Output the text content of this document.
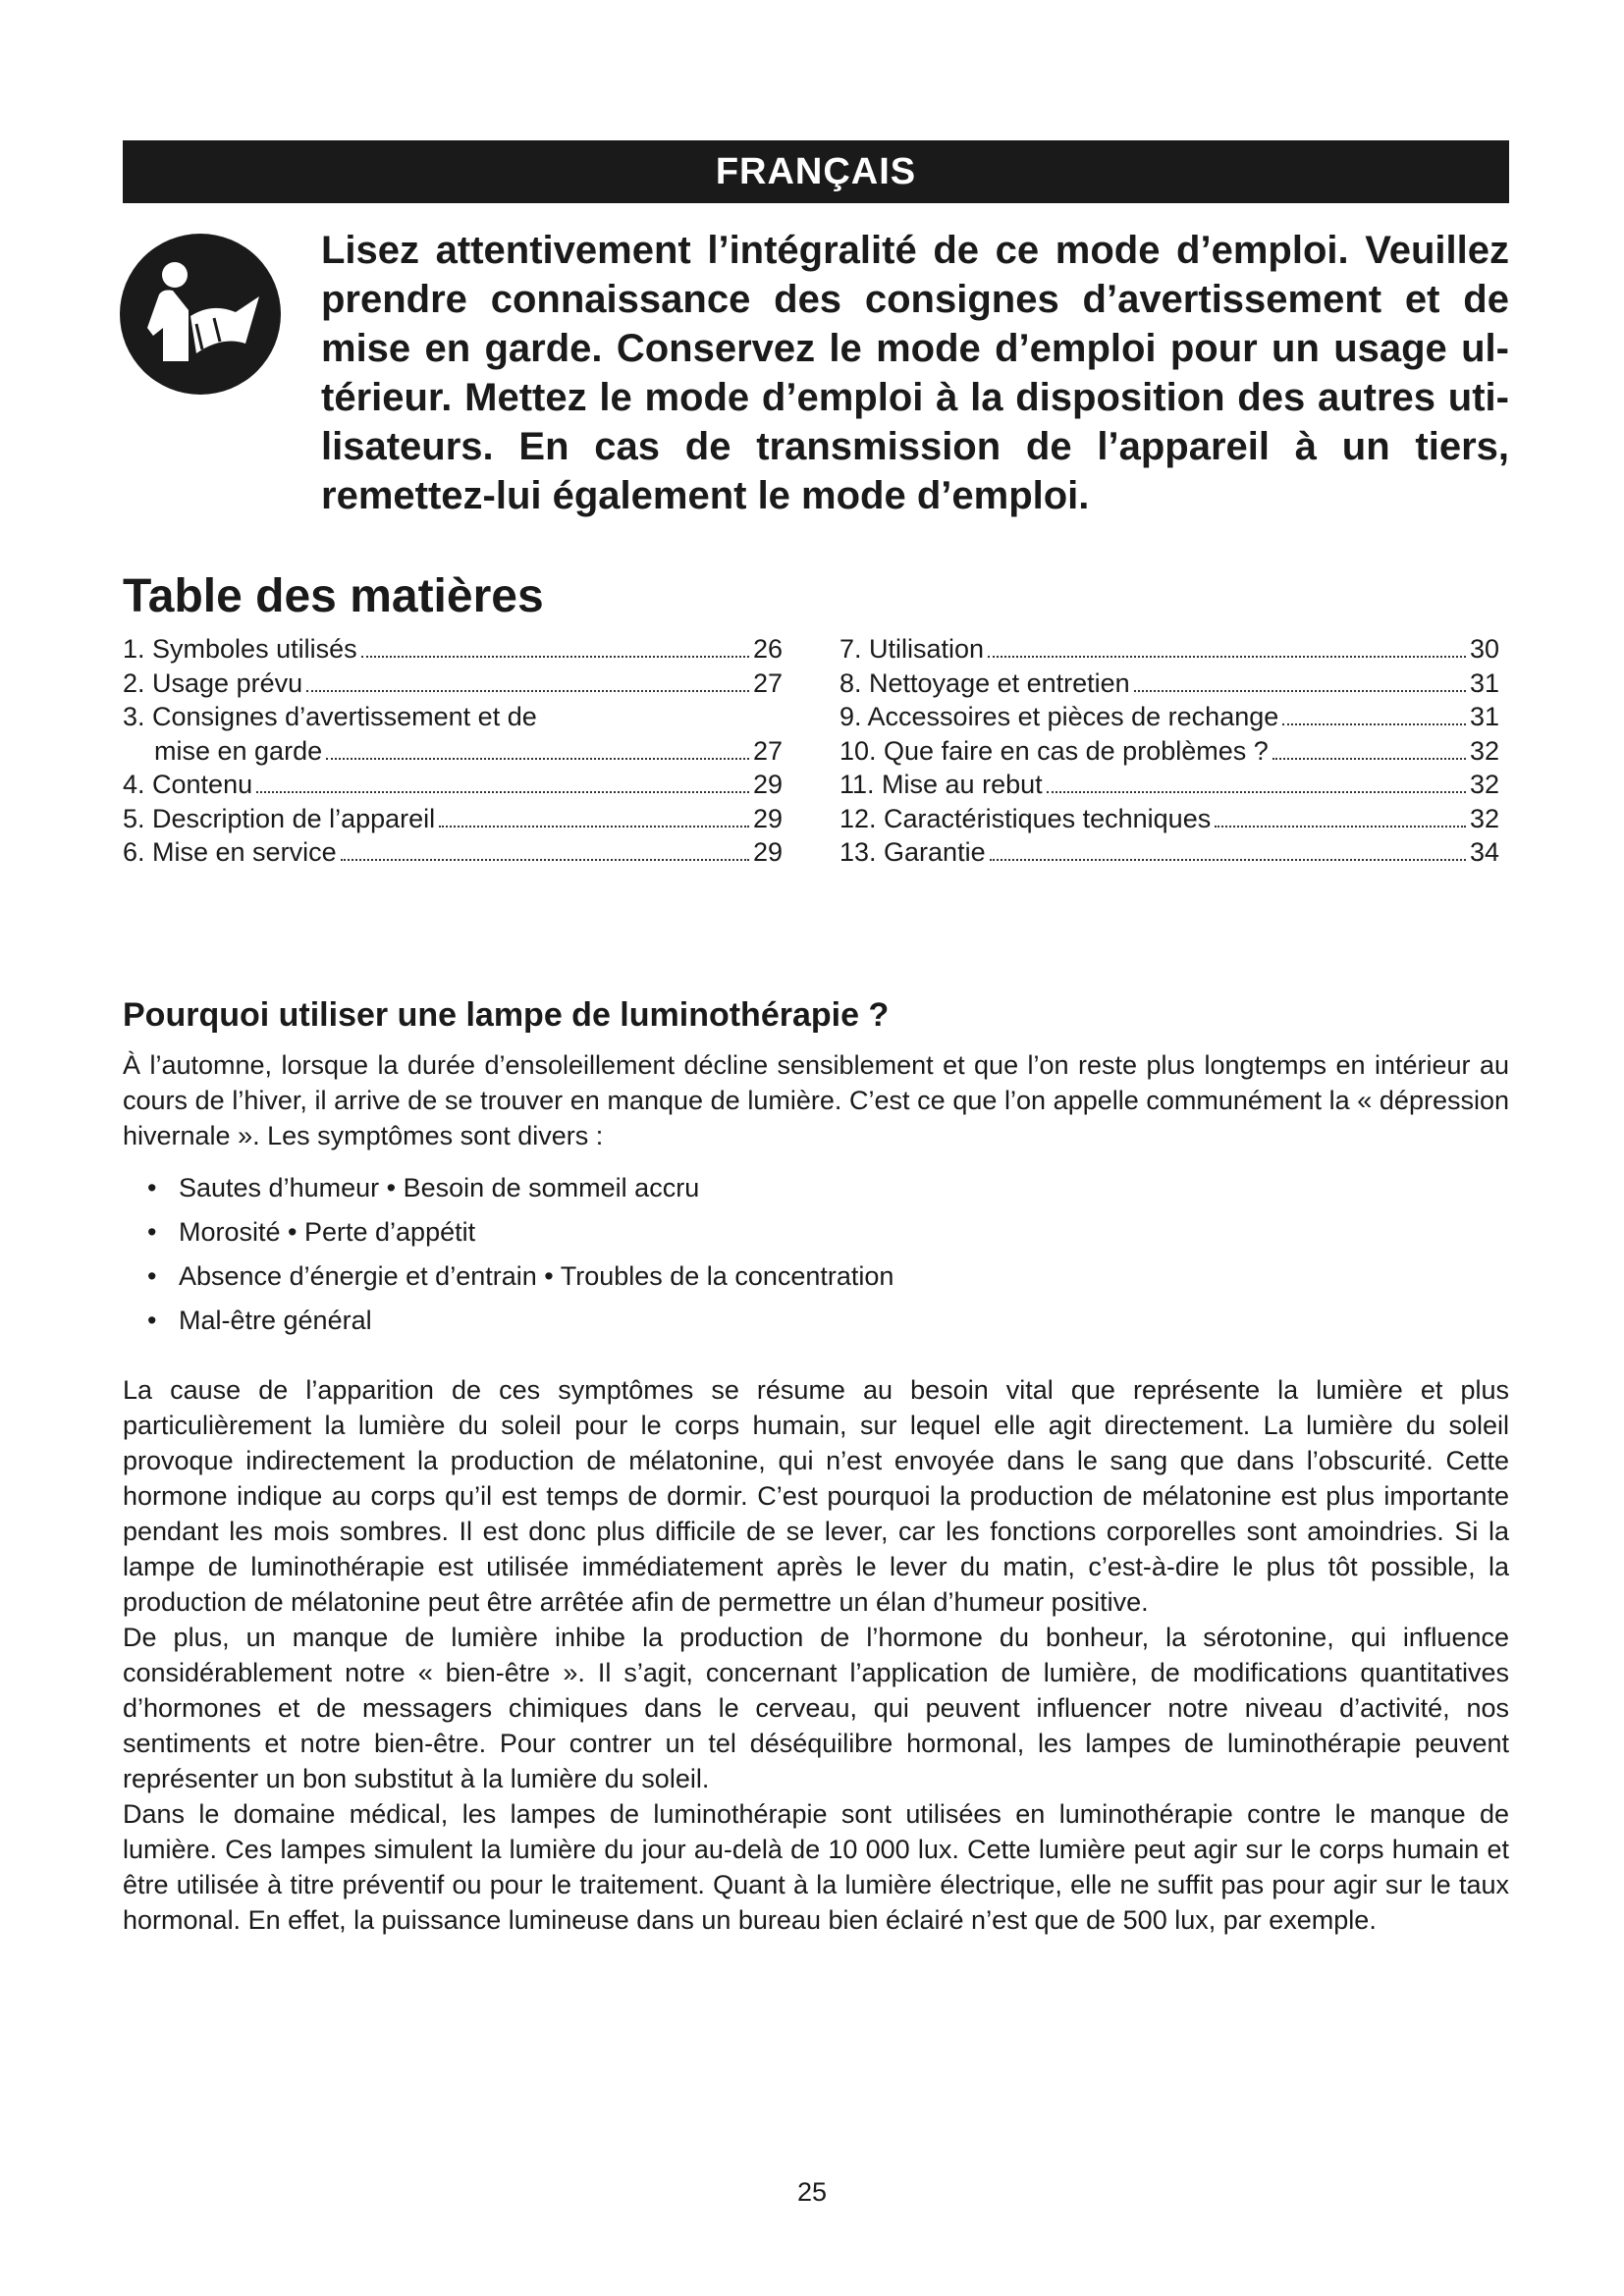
FRANÇAIS

Lisez attentivement l’intégralité de ce mode d’emploi. Veuillez prendre connaissance des consignes d’avertissement et de mise en garde. Conservez le mode d’emploi pour un usage ultérieur. Mettez le mode d’emploi à la disposition des autres utilisateurs. En cas de transmission de l’appareil à un tiers, remettez-lui également le mode d’emploi.

Table des matières
1. Symboles utilisés	26
2. Usage prévu	27
3. Consignes d’avertissement et de
mise en garde	27
4. Contenu	29
5. Description de l’appareil	29
6. Mise en service	29
7. Utilisation	30
8. Nettoyage et entretien	31
9. Accessoires et pièces de rechange	31
10. Que faire en cas de problèmes ?	32
11. Mise au rebut	32
12. Caractéristiques techniques	32
13. Garantie	34
Pourquoi utiliser une lampe de luminothérapie ?

À l’automne, lorsque la durée d’ensoleillement décline sensiblement et que l’on reste plus longtemps en intérieur au cours de l’hiver, il arrive de se trouver en manque de lumière. C’est ce que l’on appelle communément la « dépression hivernale ». Les symptômes sont divers :

• Sautes d’humeur • Besoin de sommeil accru
• Morosité • Perte d’appétit
• Absence d’énergie et d’entrain • Troubles de la concentration
• Mal-être général

La cause de l’apparition de ces symptômes se résume au besoin vital que représente la lumière et plus particulièrement la lumière du soleil pour le corps humain, sur lequel elle agit directement. La lumière du soleil provoque indirectement la production de mélatonine, qui n’est envoyée dans le sang que dans l’obscurité. Cette hormone indique au corps qu’il est temps de dormir. C’est pourquoi la production de mélatonine est plus importante pendant les mois sombres. Il est donc plus difficile de se lever, car les fonctions corporelles sont amoindries. Si la lampe de luminothérapie est utilisée immédiatement après le lever du matin, c’est-à-dire le plus tôt possible, la production de mélatonine peut être arrêtée afin de permettre un élan d’humeur positive.

De plus, un manque de lumière inhibe la production de l’hormone du bonheur, la sérotonine, qui influence considérablement notre « bien-être ». Il s’agit, concernant l’application de lumière, de modifications quantitatives d’hormones et de messagers chimiques dans le cerveau, qui peuvent influencer notre niveau d’activité, nos sentiments et notre bien-être. Pour contrer un tel déséquilibre hormonal, les lampes de luminothérapie peuvent représenter un bon substitut à la lumière du soleil.

Dans le domaine médical, les lampes de luminothérapie sont utilisées en luminothérapie contre le manque de lumière. Ces lampes simulent la lumière du jour au-delà de 10 000 lux. Cette lumière peut agir sur le corps humain et être utilisée à titre préventif ou pour le traitement. Quant à la lumière électrique, elle ne suffit pas pour agir sur le taux hormonal. En effet, la puissance lumineuse dans un bureau bien éclairé n’est que de 500 lux, par exemple.

25
